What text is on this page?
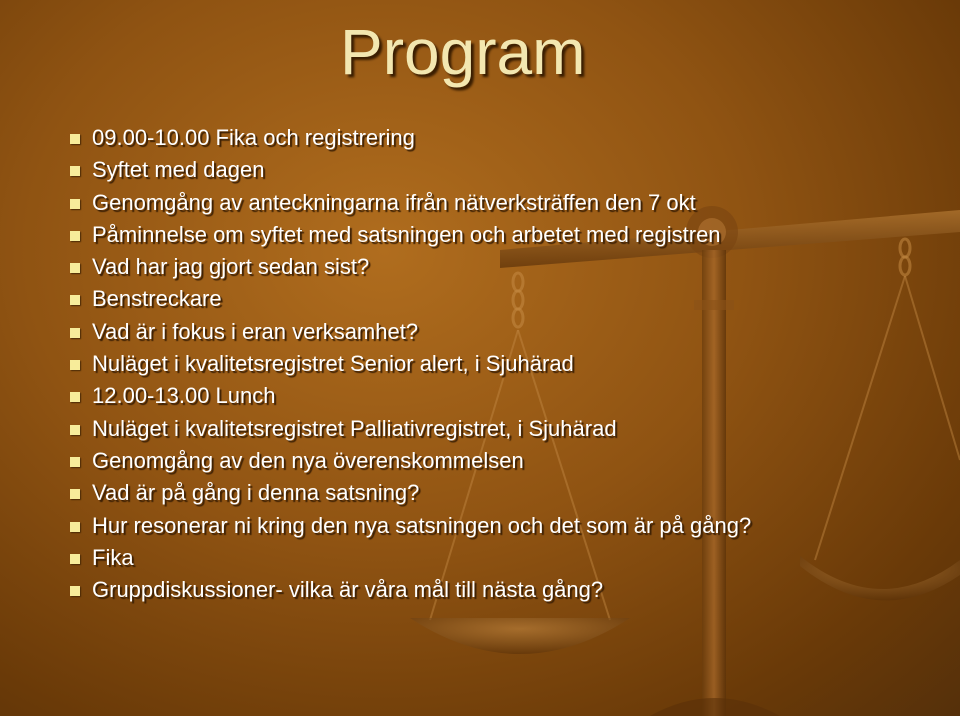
Program
09.00-10.00 Fika och registrering
Syftet med dagen
Genomgång av anteckningarna ifrån nätverksträffen den 7 okt
Påminnelse om syftet med satsningen och arbetet med registren
Vad har jag gjort sedan sist?
Benstreckare
Vad är i fokus i eran verksamhet?
Nuläget i kvalitetsregistret Senior alert, i Sjuhärad
12.00-13.00 Lunch
Nuläget i kvalitetsregistret Palliativregistret, i Sjuhärad
Genomgång av den nya överenskommelsen
Vad är på gång i denna satsning?
Hur resonerar ni kring den nya satsningen och det som är på gång?
Fika
Gruppdiskussioner- vilka är våra mål till nästa gång?
